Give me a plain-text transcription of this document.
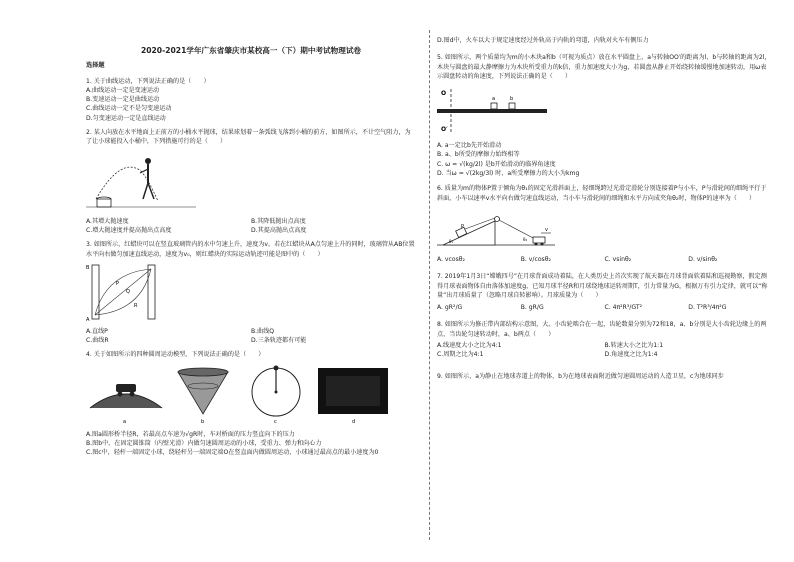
2020-2021学年广东省肇庆市某校高一（下）期中考试物理试卷
选择题

1. 关于曲线运动，下列说法正确的是（　　）

A.曲线运动一定是变速运动

B.变速运动一定是曲线运动

C.曲线运动一定不是匀变速运动

D.匀变速运动一定是直线运动

2. 某人向放在水平地面上正前方的小桶水平抛球，结果球划着一条弧线飞落到小桶的前方，如图所示，不计空气阻力，为了让小球能投入小桶中，下列措施可行的是（　　）

A.其增大抛速度	B.其降低抛出点高度
C.增大抛速度并提高抛出点高度	D.其提高抛出点高度

3. 如图所示，红蜡块可以在竖直玻璃管内的水中匀速上升，速度为v。若在红蜡块从A点匀速上升的同时，玻璃管从AB位置水平向右做匀加速直线运动，速度为v₀，则红蜡块的实际运动轨迹可能是图中的（　　）

A
B
P
Q
R
A.直线P	B.曲线Q
C.曲线R	D.三条轨迹都有可能

4. 关于如图所示的四种圆周运动模型，下列说法正确的是（　　）

a	b	c	d

A.图a圆形桥半径R，若最高点车速为√gR时，车对桥面的压力竖直向下的压力

B.图b中，在固定圆锥筒（内壁光滑）内做匀速圆周运动的小球，受重力、弹力和向心力

C.图c中，轻杆一端固定小球，绕轻杆另一端固定端O在竖直面内做圆周运动，小球通过最高点的最小速度为0

D.图d中，火车以大于规定速度经过外轨高于内轨的弯道，内轨对火车有侧压力

5. 如图所示，两个质量均为m的小木块a和b（可视为质点）放在水平圆盘上，a与转轴OO′的距离为l，b与转轴的距离为2l，木块与圆盘的最大静摩擦力为木块所受重力的k倍，重力加速度大小为g，若圆盘从静止开始绕转轴缓慢地加速转动，用ω表示圆盘转动的角速度，下列说法正确的是（　　）

O
O′
a	b

A. a一定比b先开始滑动

B. a、b所受的摩擦力始终相等

C. ω = √(kg/2l) 是b开始滑动的临界角速度

D. 当ω = √(2kg/3l) 时，a所受摩擦力的大小为kmg

6. 质量为m的物体P置于倾角为θ₁的固定光滑斜面上，轻细绳跨过光滑定滑轮分别连接着P与小车，P与滑轮间的细绳平行于斜面，小车以速率v水平向右做匀速直线运动，当小车与滑轮间的细绳和水平方向成夹角θ₂时，物体P的速率为（　　）

P	v
θ₁	θ₂
A. vcosθ₂	B. v/cosθ₂	C. vsinθ₂	D. v/sinθ₂

7. 2019年1月3日“嫦娥四号”在月球背面成功着陆，在人类历史上首次实现了航天器在月球背面软着陆和巡视勘察，假定测得月球表面物体自由落体加速度g，已知月球半径R和月球绕地球运转周期T，引力常量为G，根据万有引力定律，就可以“称量”出月球质量了（忽略月球自转影响）。月球质量为（　　）

A. gR²/G	B. gR/G	C. 4π²R³/GT²	D. T²R³/4π²G

8. 如图所示为修正带内部结构示意图，大、小齿轮啮合在一起，齿轮数量分别为72和18，a、b分别是大小齿轮边缘上的两点，当齿轮匀速转动时，a、b两点（　　）

A.线速度大小之比为4:1	B.转速大小之比为1:1
C.周期之比为4:1	D.角速度之比为1:4

9. 如图所示，a为静止在地球赤道上的物体，b为在地球表面附近做匀速圆周运动的人造卫星，c为地球同步
